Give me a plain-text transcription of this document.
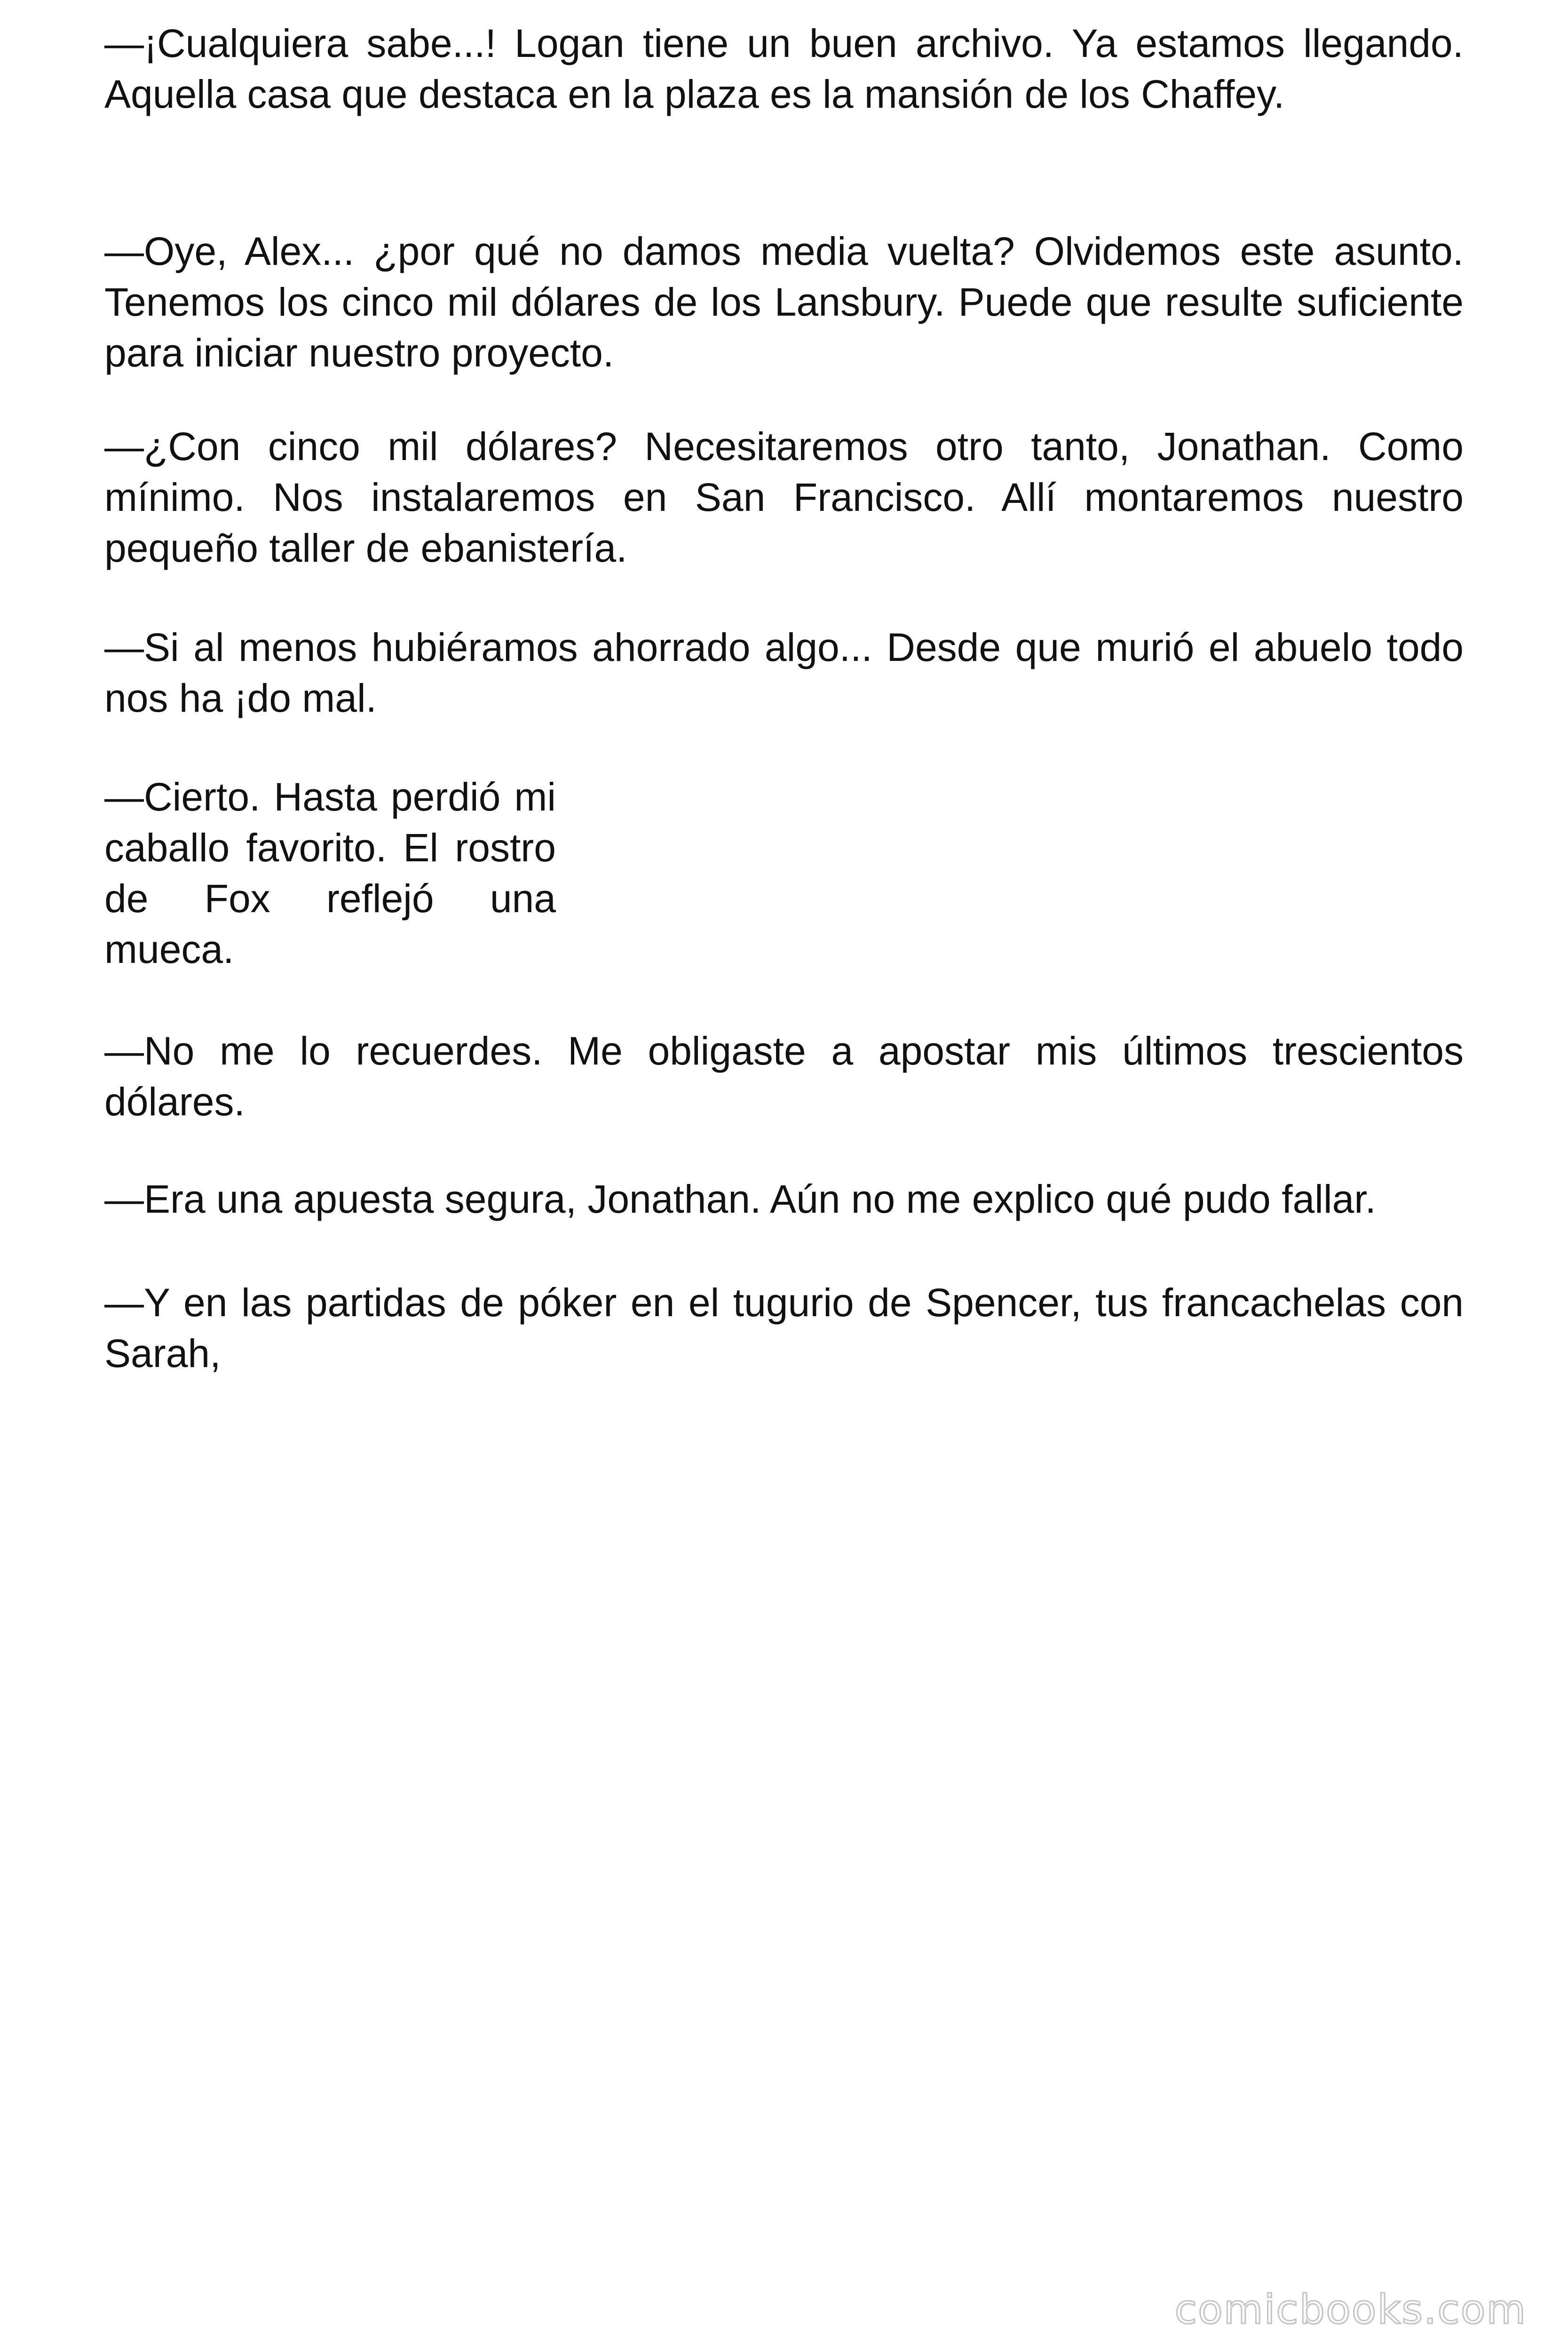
—¡Cualquiera sabe...! Logan tiene un buen archivo. Ya estamos llegando. Aquella casa que destaca en la plaza es la mansión de los Chaffey.

—Oye, Alex... ¿por qué no damos media vuelta? Olvidemos este asunto. Tenemos los cinco mil dólares de los Lansbury. Puede que resulte suficiente para iniciar nuestro proyecto.

—¿Con cinco mil dólares? Necesitaremos otro tanto, Jonathan. Como mínimo. Nos instalaremos en San Francisco. Allí montaremos nuestro pequeño taller de ebanistería.

—Si al menos hubiéramos ahorrado algo... Desde que murió el abuelo todo nos ha ¡do mal.

—Cierto. Hasta perdió mi caballo favorito. El rostro de Fox reflejó una mueca.

—No me lo recuerdes. Me obligaste a apostar mis últimos trescientos dólares.

—Era una apuesta segura, Jonathan. Aún no me explico qué pudo fallar.

—Y en las partidas de póker en el tugurio de Spencer, tus francachelas con Sarah,

comicbooks.com
